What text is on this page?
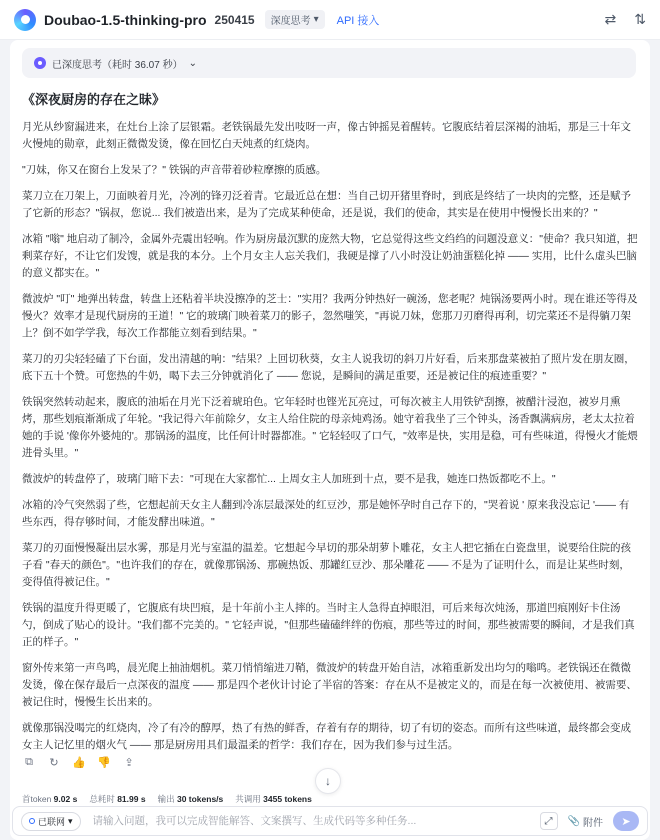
Doubao-1.5-thinking-pro 250415 深度思考 ▾ API 接入	⇄ ⇅
已深度思考（耗时 36.07 秒） ⌄
《深夜厨房的存在之昧》

月光从纱窗漏进来，在灶台上涂了层银霜。老铁锅最先发出吱呀一声，像古钟摇晃着醒转。它腹底结着层深褐的油垢，那是三十年文火慢炖的勋章，此刻正微微发烫，像在回忆白天炖煮的红烧肉。

"刀妹，你又在窗台上发呆了？" 铁锅的声音带着砂粒摩擦的质感。

菜刀立在刀架上，刀面映着月光，冷冽的锋刃泛着青。它最近总在想：当自己切开猪里脊时，到底是终结了一块肉的完整，还是赋予了它新的形态？"锅叔，您说... 我们被造出来，是为了完成某种使命，还是说，我们的使命，其实是在使用中慢慢长出来的？"

冰箱 "嗡" 地启动了制冷，金属外壳震出轻响。作为厨房最沉默的庞然大物，它总觉得这些文绉绉的问题没意义："使命？我只知道，把剩菜存好，不让它们发馊，就是我的本分。上个月女主人忘关我们，我硬是撑了八小时没让奶油蛋糕化掉 —— 实用，比什么虚头巴脑的意义都实在。"

微波炉 "叮" 地弹出转盘，转盘上还粘着半块没擦净的芝士："实用？我两分钟热好一碗汤，您老呢？炖锅汤要两小时。现在谁还等得及慢火？效率才是现代厨房的王道！" 它的玻璃门映着菜刀的影子，忽然嗤笑，"再说刀妹，您那刀刃磨得再利，切完菜还不是得躺刀架上？倒不如学学我，每次工作都能立刻看到结果。"

菜刀的刃尖轻轻磕了下台面，发出清越的响："结果？上回切秋葵，女主人说我切的斜刀片好看，后来那盘菜被拍了照片发在朋友圈，底下五十个赞。可您热的牛奶，喝下去三分钟就消化了 —— 您说，是瞬间的满足重要，还是被记住的痕迹重要？"

铁锅突然转动起来，腹底的油垢在月光下泛着琥珀色。它年轻时也铿光瓦亮过，可每次被主人用铁铲刮擦，被醋汁浸泡，被岁月熏烤，那些划痕渐渐成了年轮。"我记得六年前除夕，女主人给住院的母亲炖鸡汤。她守着我坐了三个钟头，汤香飘满病房，老太太拉着她的手说 '像你外婆炖的'。那锅汤的温度，比任何计时器都准。" 它轻轻叹了口气，"效率是快，实用是稳，可有些味道，得慢火才能煨进骨头里。"

微波炉的转盘停了，玻璃门暗下去："可现在大家都忙... 上周女主人加班到十点，要不是我，她连口热饭都吃不上。"

冰箱的冷气突然弱了些，它想起前天女主人翻到冷冻层最深处的红豆沙，那是她怀孕时自己存下的，"哭着说 ' 原来我没忘记 '—— 有些东西，得存够时间，才能发酵出味道。"

菜刀的刃面慢慢凝出层水雾，那是月光与室温的温差。它想起今早切的那朵胡萝卜雕花，女主人把它插在白瓷盘里，说要给住院的孩子看 "春天的颜色"。"也许我们的存在，就像那锅汤、那碗热饭、那罐红豆沙、那朵雕花 —— 不是为了证明什么，而是让某些时刻，变得值得被记住。"

铁锅的温度升得更暖了，它腹底有块凹痕，是十年前小主人摔的。当时主人急得直掉眼泪，可后来每次炖汤，那道凹痕刚好卡住汤勺，倒成了贴心的设计。"我们都不完美的。" 它轻声说，"但那些磕磕绊绊的伤痕，那些等过的时间，那些被需要的瞬间，才是我们真正的样子。"

窗外传来第一声鸟鸣，晨光爬上抽油烟机。菜刀悄悄缩进刀鞘，微波炉的转盘开始自洁，冰箱重新发出均匀的嗡鸣。老铁锅还在微微发烫，像在保存最后一点深夜的温度 —— 那是四个老伙计讨论了半宿的答案：存在从不是被定义的，而是在每一次被使用、被需要、被记住时，慢慢生长出来的。

就像那锅没喝完的红烧肉，冷了有冷的醇厚，热了有热的鲜香，存着有存的期待，切了有切的姿态。而所有这些味道，最终都会变成女主人记忆里的烟火气 —— 那是厨房用具们最温柔的哲学：我们存在，因为我们参与过生活。

⧉ ↻ 👍 👎 ⇪
↓
首token 9.02 s 总耗时 81.99 s 输出 30 tokens/s 共调用 3455 tokens
已联网 ▾
请输入问题，我可以完成智能解答、文案撰写、生成代码等多种任务...	⤢	📎 附件 ➤
